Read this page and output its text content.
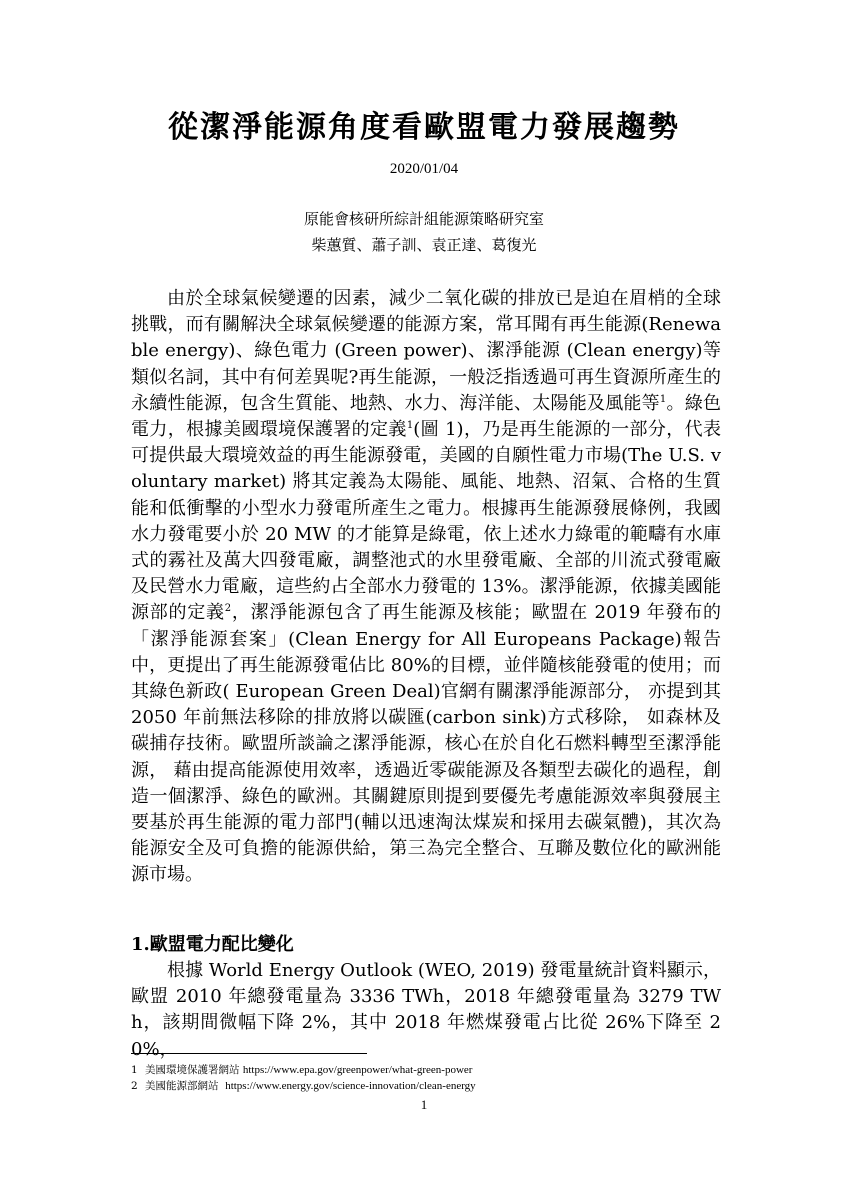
從潔淨能源角度看歐盟電力發展趨勢
2020/01/04
原能會核研所綜計組能源策略研究室
柴蕙質、蕭子訓、袁正達、葛復光
由於全球氣候變遷的因素，減少二氧化碳的排放已是迫在眉梢的全球挑戰，而有關解決全球氣候變遷的能源方案，常耳聞有再生能源(Renewable energy)、綠色電力 (Green power)、潔淨能源 (Clean energy)等類似名詞，其中有何差異呢?再生能源，一般泛指透過可再生資源所產生的永續性能源，包含生質能、地熱、水力、海洋能、太陽能及風能等$^1$。綠色電力，根據美國環境保護署的定義$^1$(圖 1)，乃是再生能源的一部分，代表可提供最大環境效益的再生能源發電，美國的自願性電力市場(The U.S. voluntary market) 將其定義為太陽能、風能、地熱、沼氣、合格的生質能和低衝擊的小型水力發電所產生之電力。根據再生能源發展條例，我國水力發電要小於 20 MW 的才能算是綠電，依上述水力綠電的範疇有水庫式的霧社及萬大四發電廠，調整池式的水里發電廠、全部的川流式發電廠及民營水力電廠，這些約占全部水力發電的 13%。潔淨能源，依據美國能源部的定義$^2$，潔淨能源包含了再生能源及核能；歐盟在 2019 年發布的「潔淨能源套案」(Clean Energy for All Europeans Package)報告中，更提出了再生能源發電佔比 80%的目標，並伴隨核能發電的使用；而其綠色新政( European Green Deal)官網有關潔淨能源部分， 亦提到其 2050 年前無法移除的排放將以碳匯(carbon sink)方式移除， 如森林及碳捕存技術。歐盟所談論之潔淨能源，核心在於自化石燃料轉型至潔淨能源， 藉由提高能源使用效率，透過近零碳能源及各類型去碳化的過程，創造一個潔淨、綠色的歐洲。其關鍵原則提到要優先考慮能源效率與發展主要基於再生能源的電力部門(輔以迅速淘汰煤炭和採用去碳氣體)，其次為能源安全及可負擔的能源供給，第三為完全整合、互聯及數位化的歐洲能源市場。
1.歐盟電力配比變化
根據 World Energy Outlook (WEO, 2019) 發電量統計資料顯示，歐盟 2010 年總發電量為 3336 TWh，2018 年總發電量為 3279 TWh，該期間微幅下降 2%，其中 2018 年燃煤發電占比從 26%下降至 20%，
1 美國環境保護署網站 https://www.epa.gov/greenpower/what-green-power
2 美國能源部網站 https://www.energy.gov/science-innovation/clean-energy
1
